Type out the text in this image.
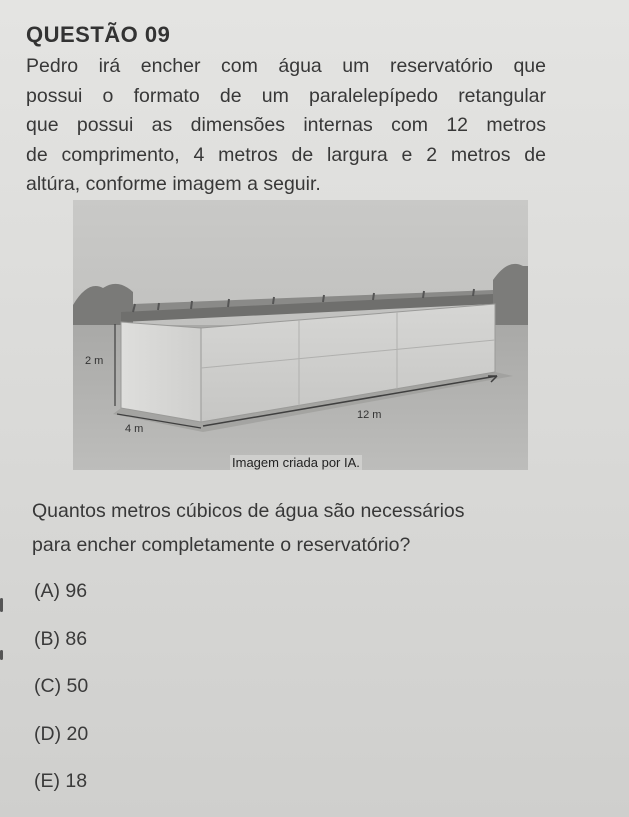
QUESTÃO 09
Pedro irá encher com água um reservatório que
possui o formato de um paralelepípedo retangular
que possui as dimensões internas com 12 metros
de comprimento, 4 metros de largura e 2 metros de
altúra, conforme imagem a seguir.
2 m
4 m
12 m
Imagem criada por IA.
Quantos metros cúbicos de água são necessários
para encher completamente o reservatório?
(A) 96
(B) 86
(C) 50
(D) 20
(E) 18
